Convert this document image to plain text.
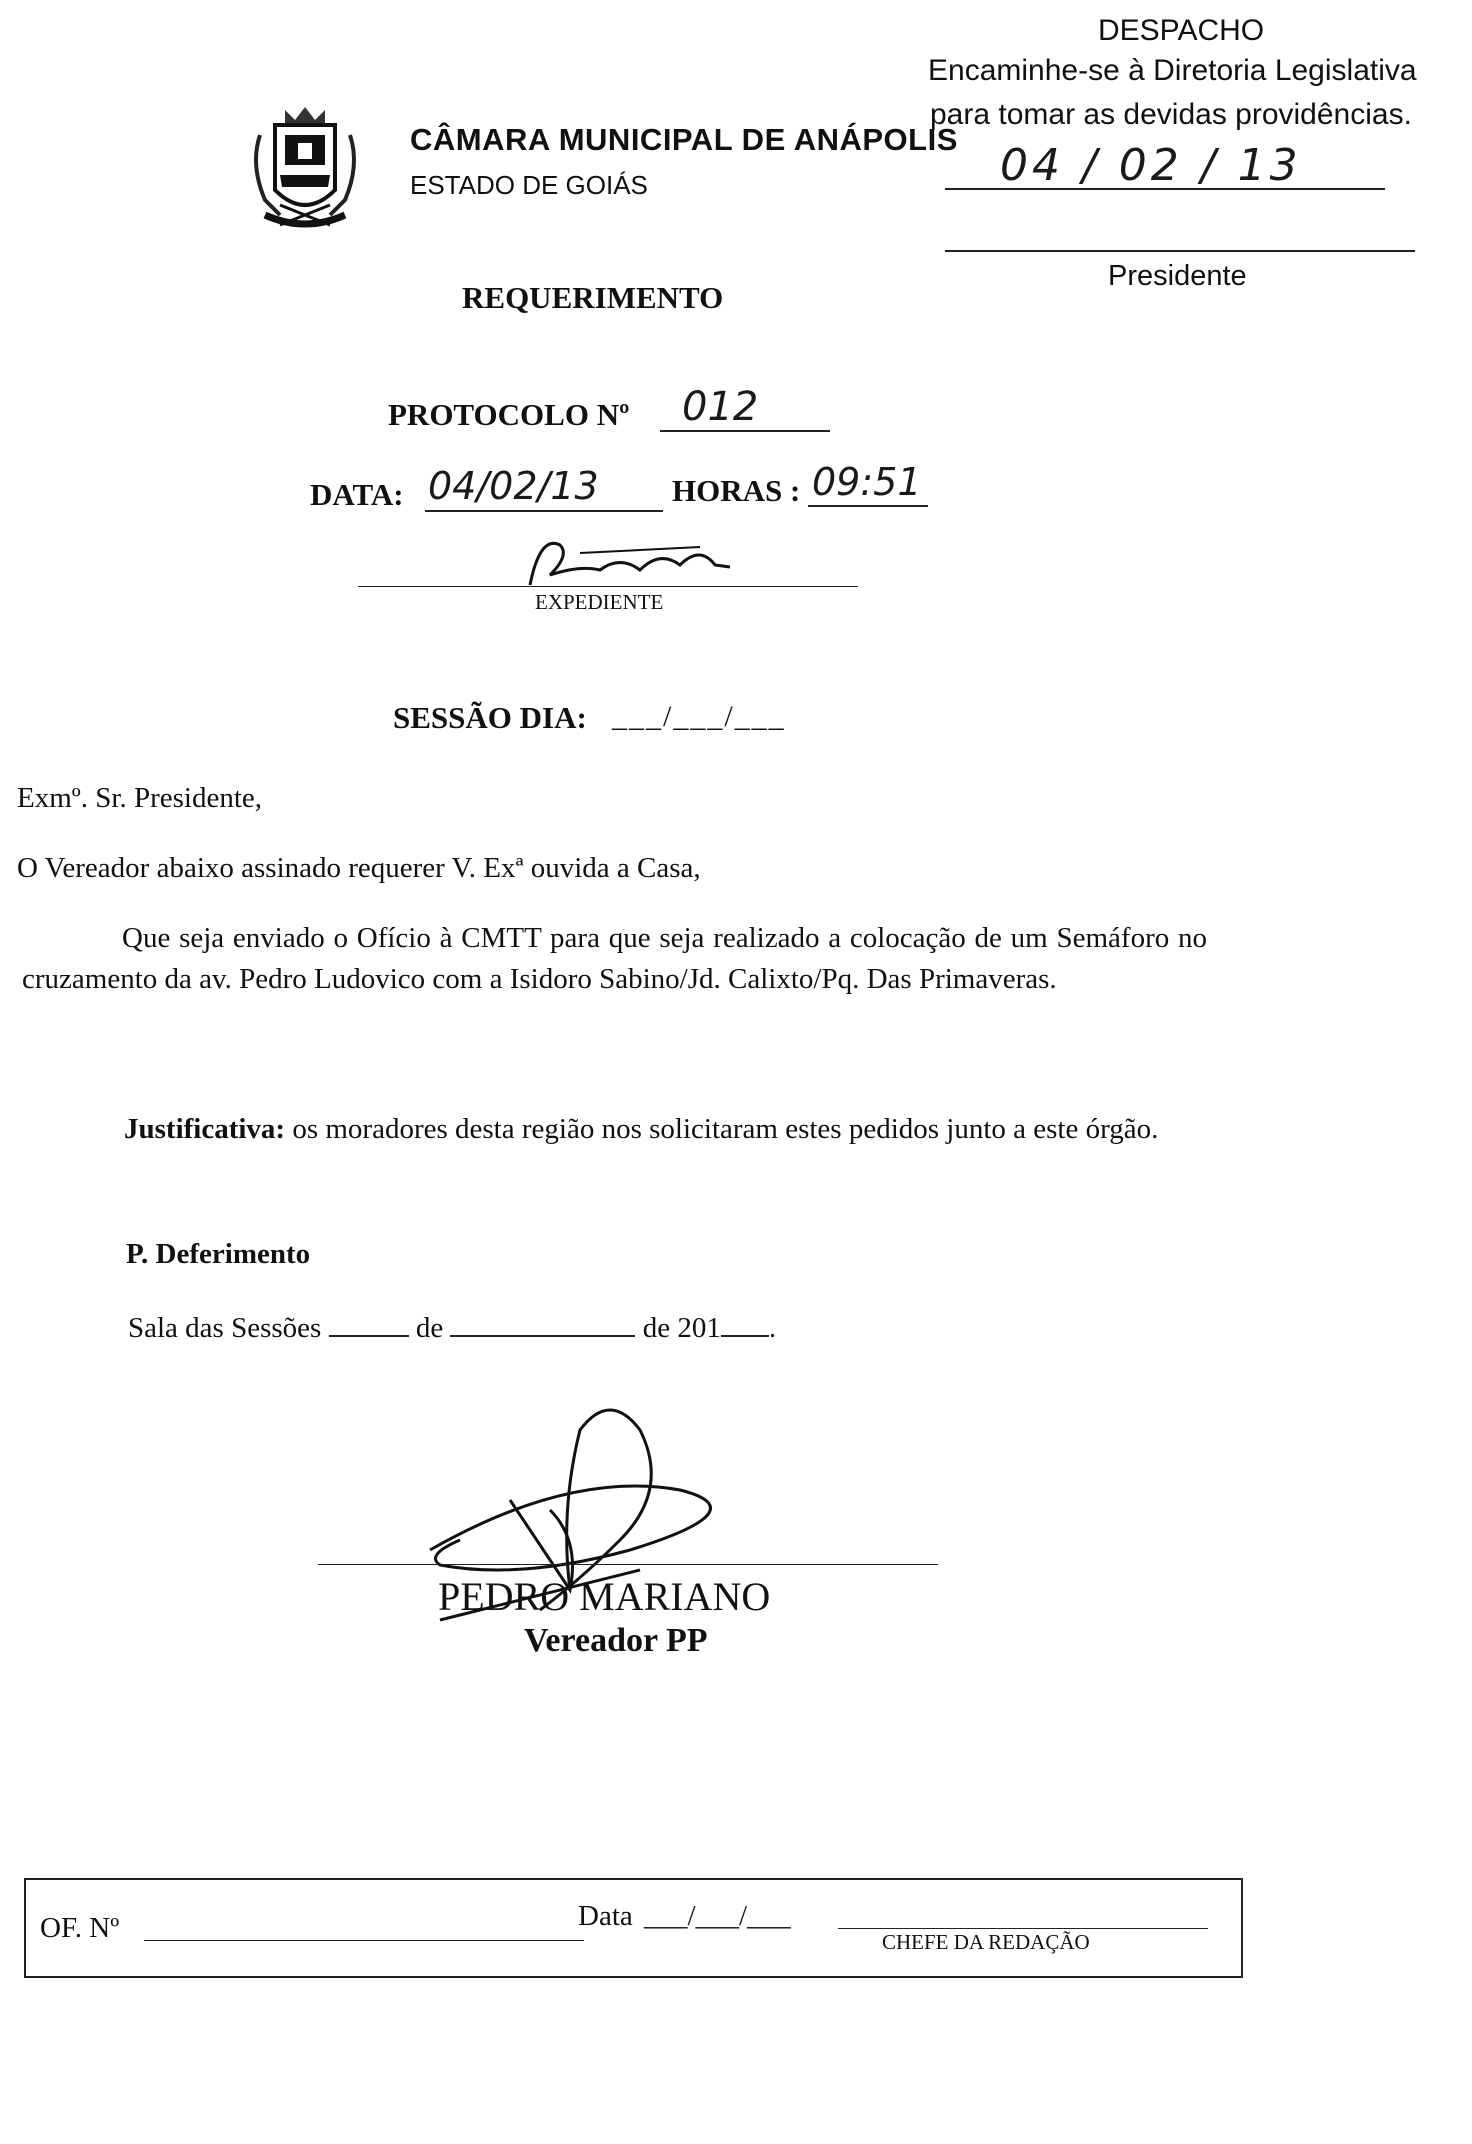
CÂMARA MUNICIPAL DE ANÁPOLIS
ESTADO DE GOIÁS
DESPACHO
Encaminhe-se à Diretoria Legislativa
para tomar as devidas providências.
04 / 02 / 13
Presidente
REQUERIMENTO
PROTOCOLO Nº 012
DATA: 04/02/13 HORAS : 09:51
EXPEDIENTE
SESSÃO DIA: ___/___/___
Exmº. Sr. Presidente,
O Vereador abaixo assinado requerer V. Exª ouvida a Casa,
Que seja enviado o Ofício à CMTT para que seja realizado a colocação de um Semáforo no cruzamento da av. Pedro Ludovico com a Isidoro Sabino/Jd. Calixto/Pq. Das Primaveras.
Justificativa: os moradores desta região nos solicitaram estes pedidos junto a este órgão.
P. Deferimento
Sala das Sessões	de	de 201 .
PEDRO MARIANO
Vereador PP
OF. Nº	Data ___/___/___
CHEFE DA REDAÇÃO
